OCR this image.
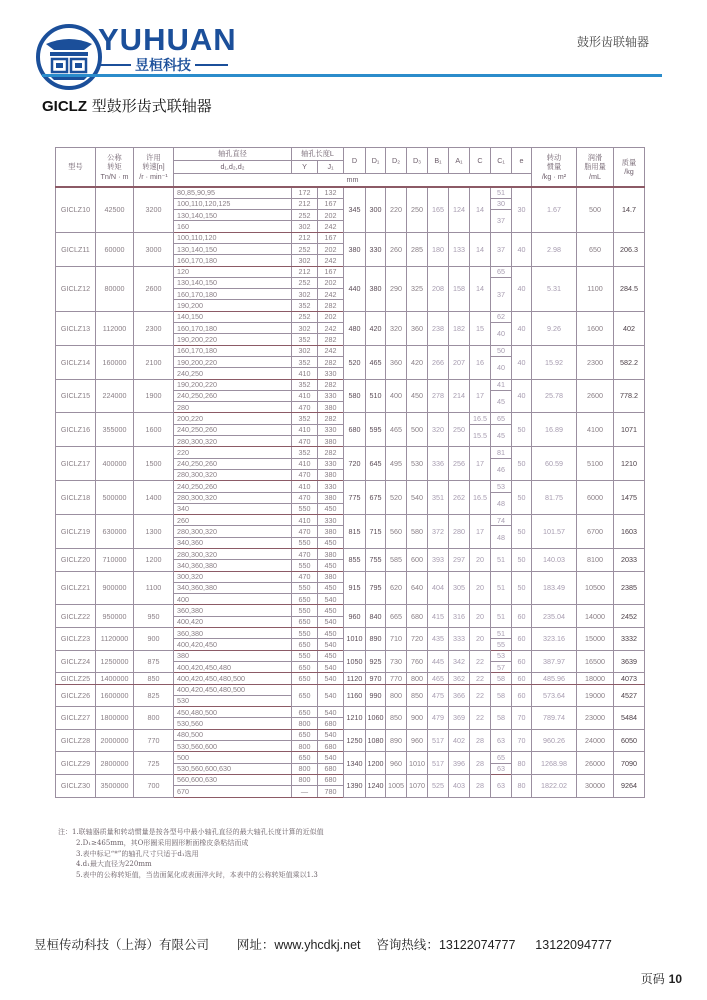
YUHUAN
昱桓科技
鼓形齿联轴器
GICLZ 型鼓形齿式联轴器
型号	公称
转矩
Tn/N · m	许用
转速[n]
/r · min⁻¹	轴孔直径	轴孔长度L		D	D₁	D₂	D₃	B₁	A₁	C	C₁	e	转动
惯量
/kg · m²	润滑
脂用量
/mL	质量
/kg
			d₁,d₂,d₂	Y	J₁												
			mm														
GICLZ10	42500	3200	80,85,90,95	172	132	345	300	220	250	165	124	14	51	30	1.67	500	14.7
			100,110,120,125	212	167								30				
			130,140,150	252	202								37				
			160	302	242												
GICLZ11	60000	3000	100,110,120	212	167	380	330	260	285	180	133	14	37	40	2.98	650	206.3
			130,140,150	252	202												
			160,170,180	302	242												
GICLZ12	80000	2600	120	212	167	440	380	290	325	208	158	14	65	40	5.31	1100	284.5
			130,140,150	252	202								37				
			160,170,180	302	242												
			190,200	352	282												
GICLZ13	112000	2300	140,150	252	202	480	420	320	360	238	182	15	62	40	9.26	1600	402
			160,170,180	302	242								40				
			190,200,220	352	282												
GICLZ14	160000	2100	160,170,180	302	242	520	465	360	420	266	207	16	50	40	15.92	2300	582.2
			190,200,220	352	282								40				
			240,250	410	330												
GICLZ15	224000	1900	190,200,220	352	282	580	510	400	450	278	214	17	41	40	25.78	2600	778.2
			240,250,260	410	330								45				
			280	470	380												
GICLZ16	355000	1600	200,220	352	282	680	595	465	500	320	250	16.5	65	50	16.89	4100	1071
			240,250,260	410	330							15.5	45				
			280,300,320	470	380												
GICLZ17	400000	1500	220	352	282	720	645	495	530	336	256	17	81	50	60.59	5100	1210
			240,250,260	410	330								46				
			280,300,320	470	380												
GICLZ18	500000	1400	240,250,260	410	330	775	675	520	540	351	262	16.5	53	50	81.75	6000	1475
			280,300,320	470	380								48				
			340	550	450												
GICLZ19	630000	1300	260	410	330	815	715	560	580	372	280	17	74	50	101.57	6700	1603
			280,300,320	470	380								48				
			340,360	550	450												
GICLZ20	710000	1200	280,300,320	470	380	855	755	585	600	393	297	20	51	50	140.03	8100	2033
			340,360,380	550	450												
GICLZ21	900000	1100	300,320	470	380	915	795	620	640	404	305	20	51	50	183.49	10500	2385
			340,360,380	550	450												
			400	650	540												
GICLZ22	950000	950	360,380	550	450	960	840	665	680	415	316	20	51	60	235.04	14000	2452
			400,420	650	540												
GICLZ23	1120000	900	360,380	550	450	1010	890	710	720	435	333	20	51	60	323.16	15000	3332
			400,420,450	650	540								55				
GICLZ24	1250000	875	380	550	450	1050	925	730	760	445	342	22	53	60	387.97	16500	3639
			400,420,450,480	650	540								57				
GICLZ25	1400000	850	400,420,450,480,500	650	540	1120	970	770	800	465	362	22	58	60	485.96	18000	4073
GICLZ26	1600000	825	400,420,450,480,500	650	540	1160	990	800	850	475	366	22	58	60	573.64	19000	4527
			530														
GICLZ27	1800000	800	450,480,500	650	540	1210	1060	850	900	479	369	22	58	70	789.74	23000	5484
			530,560	800	680												
GICLZ28	2000000	770	480,500	650	540	1250	1080	890	960	517	402	28	63	70	960.26	24000	6050
			530,560,600	800	680												
GICLZ29	2800000	725	500	650	540	1340	1200	960	1010	517	396	28	65	80	1268.98	26000	7090
			530,560,600,630	800	680								63				
GICLZ30	3500000	700	560,600,630	800	680	1390	1240	1005	1070	525	403	28	63	80	1822.02	30000	9264
			670	—	780												
注：1.联轴器质量和转动惯量是按各型号中最小轴孔直径的最大轴孔长度计算的近似值
2.D₁≥465mm，其O形圈采用圆形断面橡皮条粘结而成
3.表中标记“*”的轴孔尺寸只适于d₁选用
4.d₁最大直径为220mm
5.表中的公称转矩值，当齿面氮化或表面淬火时，本表中的公称转矩值乘以1.3
昱桓传动科技（上海）有限公司 网址：www.yhcdkj.net 咨询热线：13122074777 13122094777
页码 10
